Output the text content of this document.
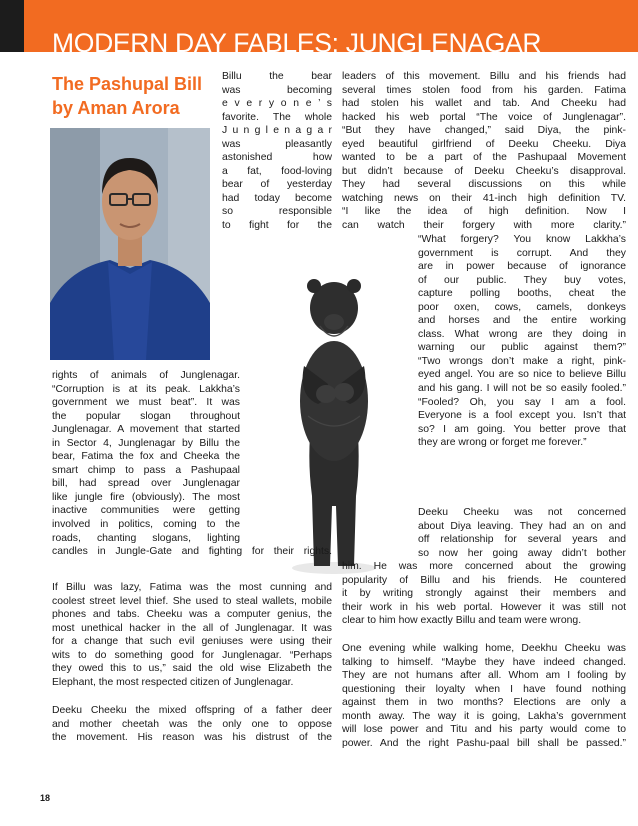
MODERN DAY FABLES: JUNGLENAGAR
The Pashupal Bill
by Aman Arora
Billu the bear
was becoming
e v e r y o n e ’ s
favorite. The whole
J u n g l e n a g a r
was pleasantly
astonished how
a fat, food-loving
bear of yesterday
had today become
so responsible
to fight for the
rights of animals of Junglenagar.
“Corruption is at its peak. Lakkha’s
government we must beat”. It was
the popular slogan throughout
Junglenagar. A movement that started
in Sector 4, Junglenagar by Billu the
bear, Fatima the fox and Cheeka the
smart chimp to pass a Pashupaal
bill, had spread over Junglenagar
like jungle fire (obviously). The most
inactive communities were getting
involved in politics, coming to the
roads, chanting slogans, lighting
candles in Jungle-Gate and fighting for their rights.
If Billu was lazy, Fatima was the most cunning and
coolest street level thief. She used to steal wallets, mobile
phones and tabs. Cheeku was a computer genius, the
most unethical hacker in the all of Junglenagar. It was
for a change that such evil geniuses were using their
wits to do something good for Junglenagar. “Perhaps
they owed this to us,” said the old wise Elizabeth the
Elephant, the most respected citizen of Junglenagar.
Deeku Cheeku the mixed offspring of a father deer
and mother cheetah was the only one to oppose
the movement. His reason was his distrust of the
leaders of this movement. Billu and his friends had
several times stolen food from his garden. Fatima
had stolen his wallet and tab. And Cheeku had
hacked his web portal “The voice of Junglenagar”.
“But they have changed,” said Diya, the pink-
eyed beautiful girlfriend of Deeku Cheeku. Diya
wanted to be a part of the Pashupaal Movement
but didn’t because of Deeku Cheeku’s disapproval.
They had several discussions on this while
watching news on their 41-inch high definition TV.
“I like the idea of high definition. Now I
can watch their forgery with more clarity.”
“What forgery? You know Lakkha’s
government is corrupt. And they
are in power because of ignorance
of our public. They buy votes,
capture polling booths, cheat the
poor oxen, cows, camels, donkeys
and horses and the entire working
class. What wrong are they doing in
warning our public against them?”
“Two wrongs don’t make a right, pink-
eyed angel. You are so nice to believe Billu
and his gang. I will not be so easily fooled.”
“Fooled? Oh, you say I am a fool.
Everyone is a fool except you. Isn’t that
so? I am going. You better prove that
they are wrong or forget me forever.”
Deeku Cheeku was not concerned
about Diya leaving. They had an on and
off relationship for several years and
so now her going away didn’t bother
him. He was more concerned about the growing
popularity of Billu and his friends. He countered
it by writing strongly against their members and
their work in his web portal. However it was still not
clear to him how exactly Billu and team were wrong.
One evening while walking home, Deekhu Cheeku was
talking to himself. “Maybe they have indeed changed.
They are not humans after all. Whom am I fooling by
questioning their loyalty when I have found nothing
against them in two months? Elections are only a
month away. The way it is going, Lakha’s government
will lose power and Titu and his party would come to
power. And the right Pashu-paal bill shall be passed.”
18
